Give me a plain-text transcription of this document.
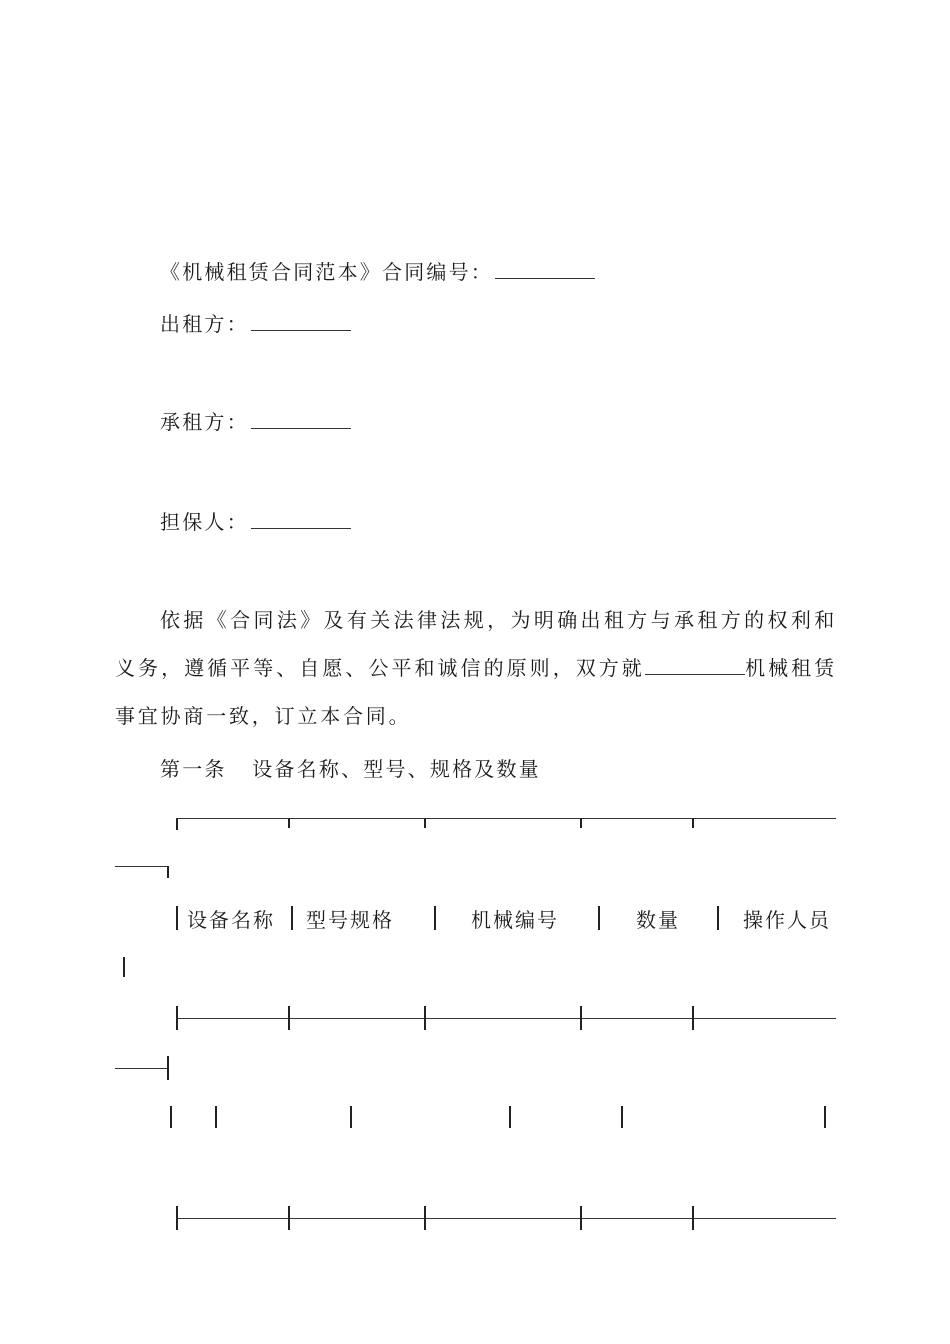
《机械租赁合同范本》合同编号：
出租方：
承租方：
担保人：

依据《合同法》及有关法律法规，为明确出租方与承租方的权利和义务，遵循平等、自愿、公平和诚信的原则，双方就	机械租赁事宜协商一致，订立本合同。

第一条   设备名称、型号、规格及数量
设备名称 型号规格	机械编号	数量	操作人员
